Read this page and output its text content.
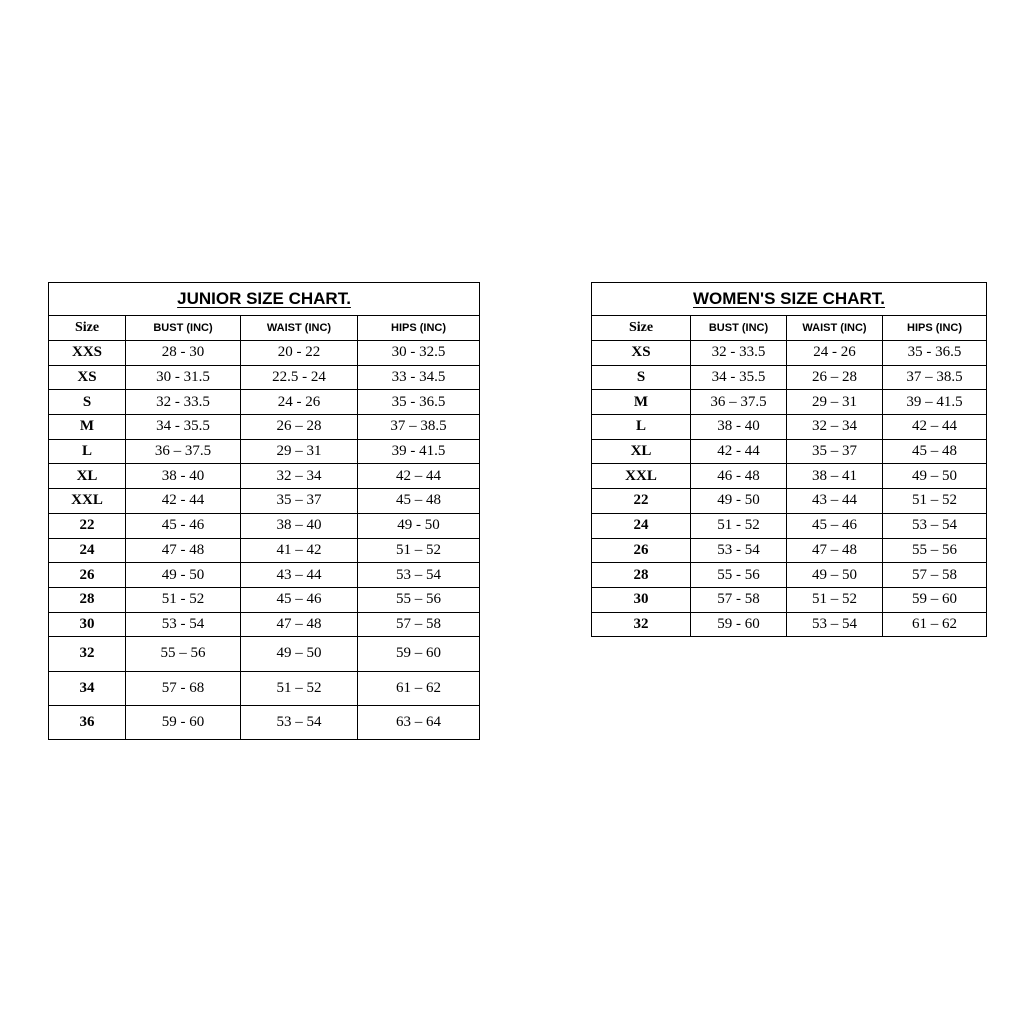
JUNIOR SIZE CHART.			
Size	BUST (INC)	WAIST (INC)	HIPS (INC)
XXS	28 - 30	20 - 22	30 - 32.5
XS	30 - 31.5	22.5 - 24	33 - 34.5
S	32 - 33.5	24 - 26	35 - 36.5
M	34 - 35.5	26 – 28	37 – 38.5
L	36 – 37.5	29 – 31	39 - 41.5
XL	38 - 40	32 – 34	42 – 44
XXL	42 - 44	35 – 37	45 – 48
22	45 - 46	38 – 40	49 - 50
24	47 - 48	41 – 42	51 – 52
26	49 - 50	43 – 44	53 – 54
28	51 - 52	45 – 46	55 – 56
30	53 - 54	47 – 48	57 – 58
32	55 – 56	49 – 50	59 – 60
34	57 - 68	51 – 52	61 – 62
36	59 - 60	53 – 54	63 – 64
WOMEN'S SIZE CHART.			
Size	BUST (INC)	WAIST (INC)	HIPS (INC)
XS	32 - 33.5	24 - 26	35 - 36.5
S	34 - 35.5	26 – 28	37 – 38.5
M	36 – 37.5	29 – 31	39 – 41.5
L	38 - 40	32 – 34	42 – 44
XL	42 - 44	35 – 37	45 – 48
XXL	46 - 48	38 – 41	49 – 50
22	49 - 50	43 – 44	51 – 52
24	51 - 52	45 – 46	53 – 54
26	53 - 54	47 – 48	55 – 56
28	55 - 56	49 – 50	57 – 58
30	57 - 58	51 – 52	59 – 60
32	59 - 60	53 – 54	61 – 62
